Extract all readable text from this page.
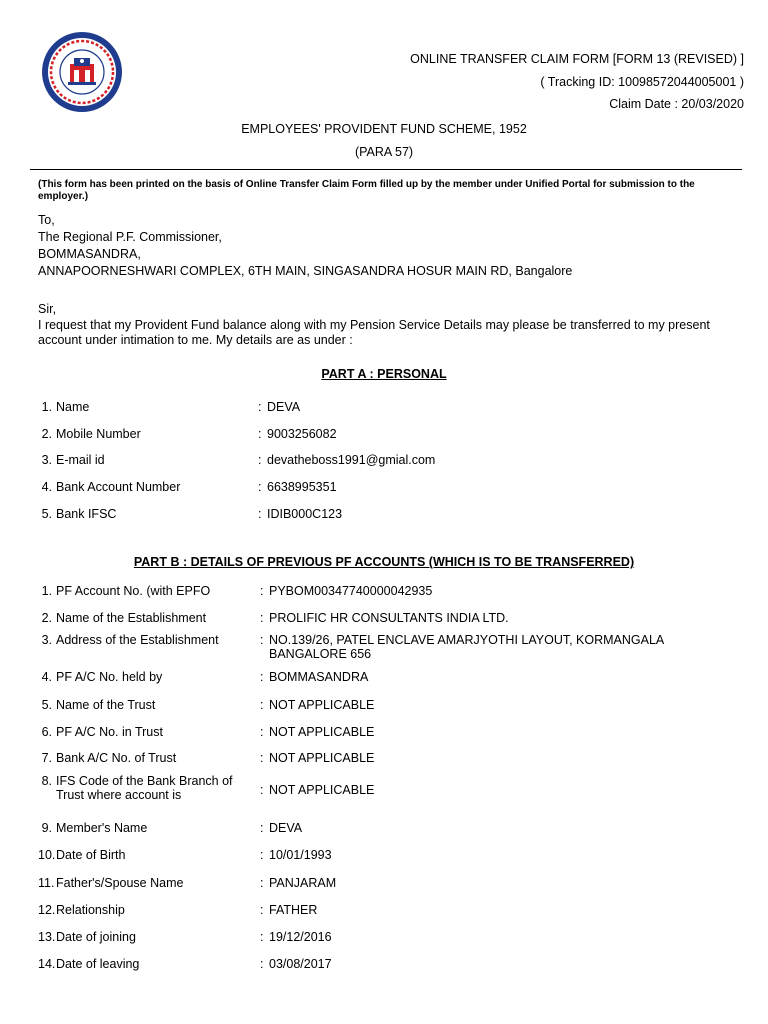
ONLINE TRANSFER CLAIM FORM [FORM 13 (REVISED) ]
( Tracking ID: 10098572044005001 )
Claim Date : 20/03/2020
EMPLOYEES' PROVIDENT FUND SCHEME, 1952
(PARA 57)
(This form has been printed on the basis of Online Transfer Claim Form filled up by the member under Unified Portal for submission to the employer.)
To,
The Regional P.F. Commissioner,
BOMMASANDRA,
ANNAPOORNESHWARI COMPLEX, 6TH MAIN, SINGASANDRA HOSUR MAIN RD, Bangalore
Sir,
I request that my Provident Fund balance along with my Pension Service Details may please be transferred to my present account under intimation to me. My details are as under :
PART A : PERSONAL
1. Name	: DEVA
2. Mobile Number	: 9003256082
3. E-mail id	: devatheboss1991@gmial.com
4. Bank Account Number	: 6638995351
5. Bank IFSC	: IDIB000C123
PART B : DETAILS OF PREVIOUS PF ACCOUNTS (WHICH IS TO BE TRANSFERRED)
1. PF Account No. (with EPFO	: PYBOM00347740000042935
2. Name of the Establishment	: PROLIFIC HR CONSULTANTS INDIA LTD.
3. Address of the Establishment	: NO.139/26, PATEL ENCLAVE AMARJYOTHI LAYOUT, KORMANGALA
BANGALORE 656
4. PF A/C No. held by	: BOMMASANDRA
5. Name of the Trust	: NOT APPLICABLE
6. PF A/C No. in Trust	: NOT APPLICABLE
7. Bank A/C No. of Trust	: NOT APPLICABLE
8. IFS Code of the Bank Branch of
Trust where account is	: NOT APPLICABLE
9. Member's Name	: DEVA
10. Date of Birth	: 10/01/1993
11. Father's/Spouse Name	: PANJARAM
12. Relationship	: FATHER
13. Date of joining	: 19/12/2016
14. Date of leaving	: 03/08/2017
